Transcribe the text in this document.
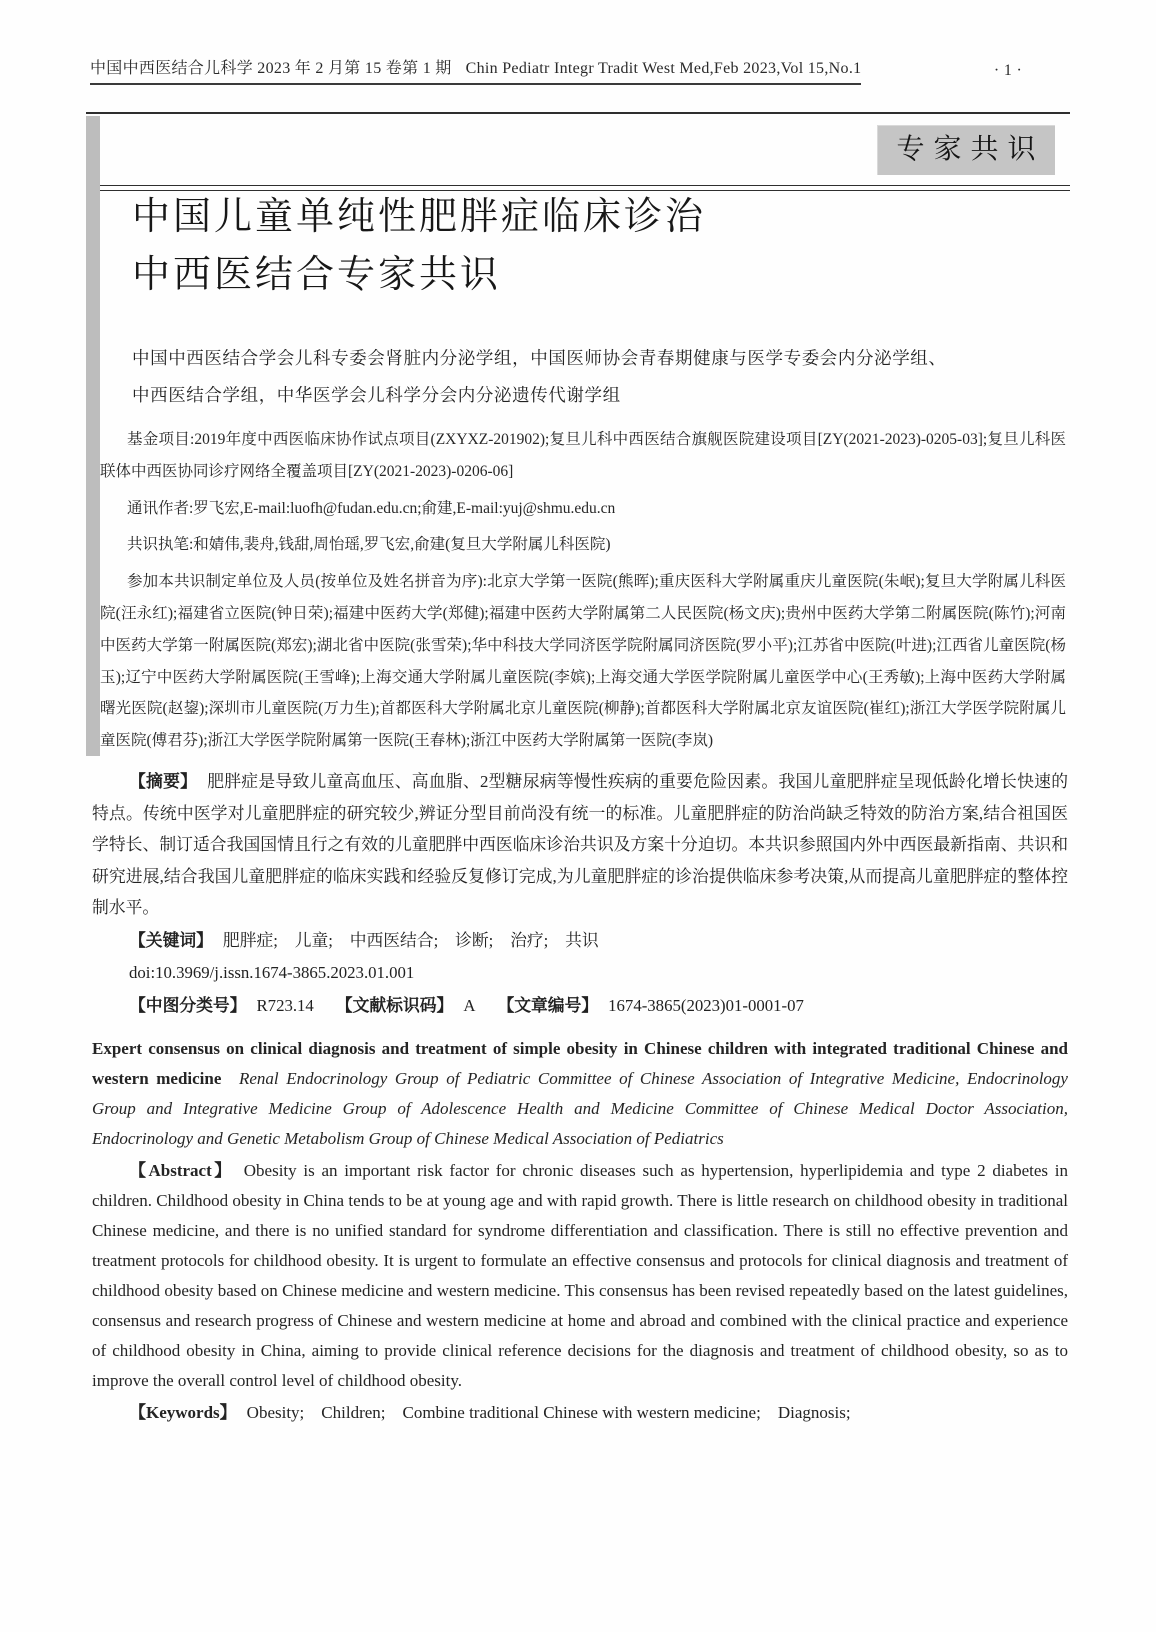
中国中西医结合儿科学 2023 年 2 月第 15 卷第 1 期 Chin Pediatr Integr Tradit West Med,Feb 2023,Vol 15,No.1	· 1 ·
专家共识
中国儿童单纯性肥胖症临床诊治
中西医结合专家共识
中国中西医结合学会儿科专委会肾脏内分泌学组，中国医师协会青春期健康与医学专委会内分泌学组、
中西医结合学组，中华医学会儿科学分会内分泌遗传代谢学组

基金项目:2019年度中西医临床协作试点项目(ZXYXZ-201902);复旦儿科中西医结合旗舰医院建设项目[ZY(2021-2023)-0205-03];复旦儿科医联体中西医协同诊疗网络全覆盖项目[ZY(2021-2023)-0206-06]

通讯作者:罗飞宏,E-mail:luofh@fudan.edu.cn;俞建,E-mail:yuj@shmu.edu.cn

共识执笔:和婧伟,裴舟,钱甜,周怡瑶,罗飞宏,俞建(复旦大学附属儿科医院)

参加本共识制定单位及人员(按单位及姓名拼音为序):北京大学第一医院(熊晖);重庆医科大学附属重庆儿童医院(朱岷);复旦大学附属儿科医院(汪永红);福建省立医院(钟日荣);福建中医药大学(郑健);福建中医药大学附属第二人民医院(杨文庆);贵州中医药大学第二附属医院(陈竹);河南中医药大学第一附属医院(郑宏);湖北省中医院(张雪荣);华中科技大学同济医学院附属同济医院(罗小平);江苏省中医院(叶进);江西省儿童医院(杨玉);辽宁中医药大学附属医院(王雪峰);上海交通大学附属儿童医院(李嫔);上海交通大学医学院附属儿童医学中心(王秀敏);上海中医药大学附属曙光医院(赵鋆);深圳市儿童医院(万力生);首都医科大学附属北京儿童医院(柳静);首都医科大学附属北京友谊医院(崔红);浙江大学医学院附属儿童医院(傅君芬);浙江大学医学院附属第一医院(王春林);浙江中医药大学附属第一医院(李岚)

【摘要】 肥胖症是导致儿童高血压、高血脂、2型糖尿病等慢性疾病的重要危险因素。我国儿童肥胖症呈现低龄化增长快速的特点。传统中医学对儿童肥胖症的研究较少,辨证分型目前尚没有统一的标准。儿童肥胖症的防治尚缺乏特效的防治方案,结合祖国医学特长、制订适合我国国情且行之有效的儿童肥胖中西医临床诊治共识及方案十分迫切。本共识参照国内外中西医最新指南、共识和研究进展,结合我国儿童肥胖症的临床实践和经验反复修订完成,为儿童肥胖症的诊治提供临床参考决策,从而提高儿童肥胖症的整体控制水平。

【关键词】 肥胖症;　儿童;　中西医结合;　诊断;　治疗;　共识

doi:10.3969/j.issn.1674-3865.2023.01.001

【中图分类号】 R723.14 【文献标识码】 A 【文章编号】 1674-3865(2023)01-0001-07

Expert consensus on clinical diagnosis and treatment of simple obesity in Chinese children with integrated traditional Chinese and western medicine Renal Endocrinology Group of Pediatric Committee of Chinese Association of Integrative Medicine, Endocrinology Group and Integrative Medicine Group of Adolescence Health and Medicine Committee of Chinese Medical Doctor Association, Endocrinology and Genetic Metabolism Group of Chinese Medical Association of Pediatrics

【Abstract】 Obesity is an important risk factor for chronic diseases such as hypertension, hyperlipidemia and type 2 diabetes in children. Childhood obesity in China tends to be at young age and with rapid growth. There is little research on childhood obesity in traditional Chinese medicine, and there is no unified standard for syndrome differentiation and classification. There is still no effective prevention and treatment protocols for childhood obesity. It is urgent to formulate an effective consensus and protocols for clinical diagnosis and treatment of childhood obesity based on Chinese medicine and western medicine. This consensus has been revised repeatedly based on the latest guidelines, consensus and research progress of Chinese and western medicine at home and abroad and combined with the clinical practice and experience of childhood obesity in China, aiming to provide clinical reference decisions for the diagnosis and treatment of childhood obesity, so as to improve the overall control level of childhood obesity.

【Keywords】 Obesity;　Children;　Combine traditional Chinese with western medicine;　Diagnosis;
